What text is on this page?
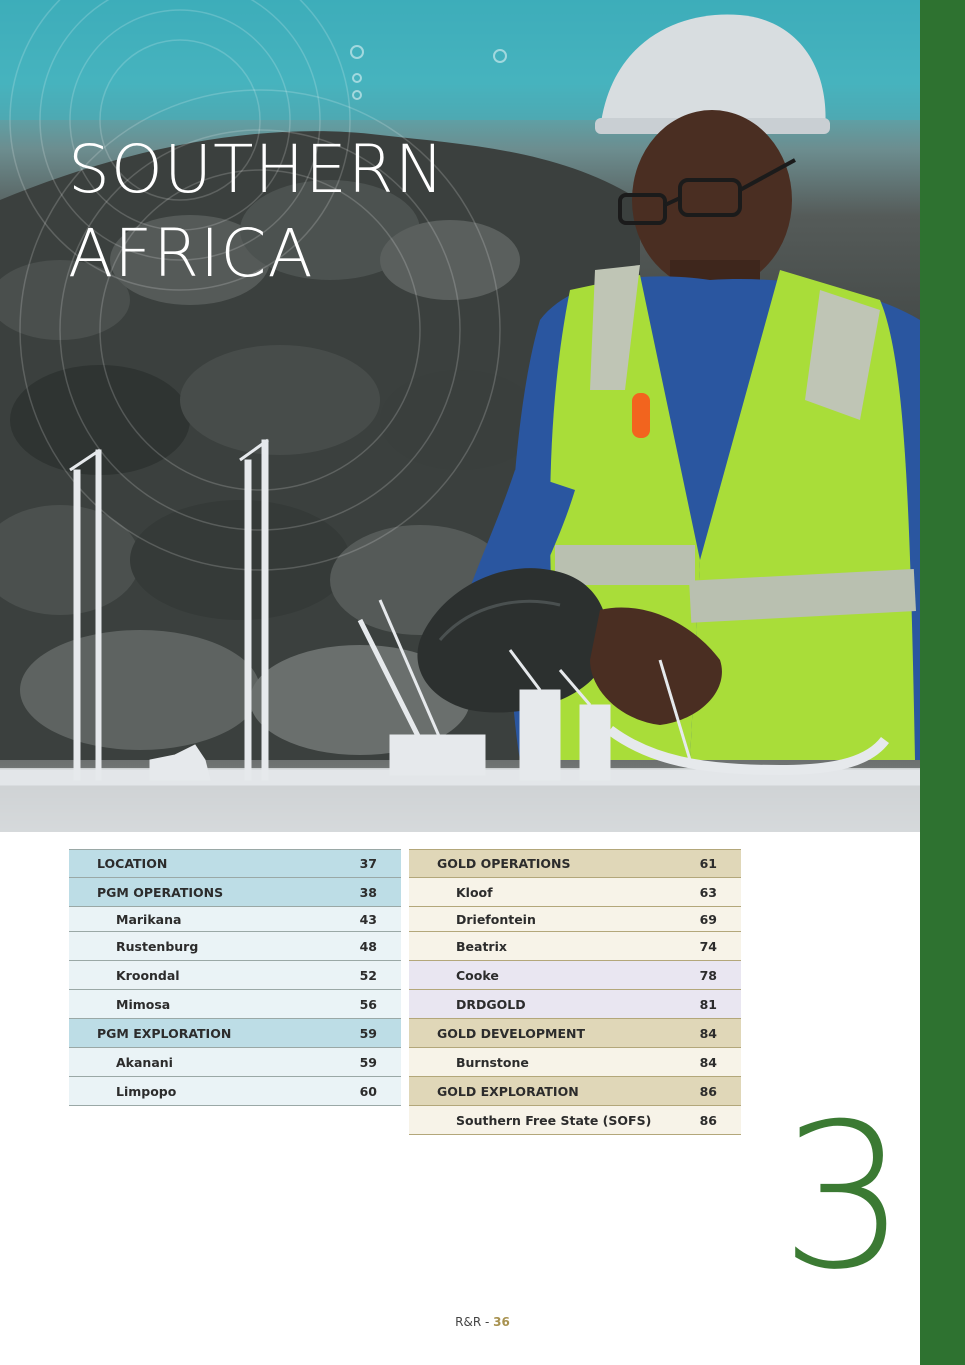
SOUTHERN
AFRICA
LOCATION	37
PGM OPERATIONS	38
Marikana	43
Rustenburg	48
Kroondal	52
Mimosa	56
PGM EXPLORATION	59
Akanani	59
Limpopo	60
GOLD OPERATIONS	61
Kloof	63
Driefontein	69
Beatrix	74
Cooke	78
DRDGOLD	81
GOLD DEVELOPMENT	84
Burnstone	84
GOLD EXPLORATION	86
Southern Free State (SOFS)	86 3
R&R - 36
